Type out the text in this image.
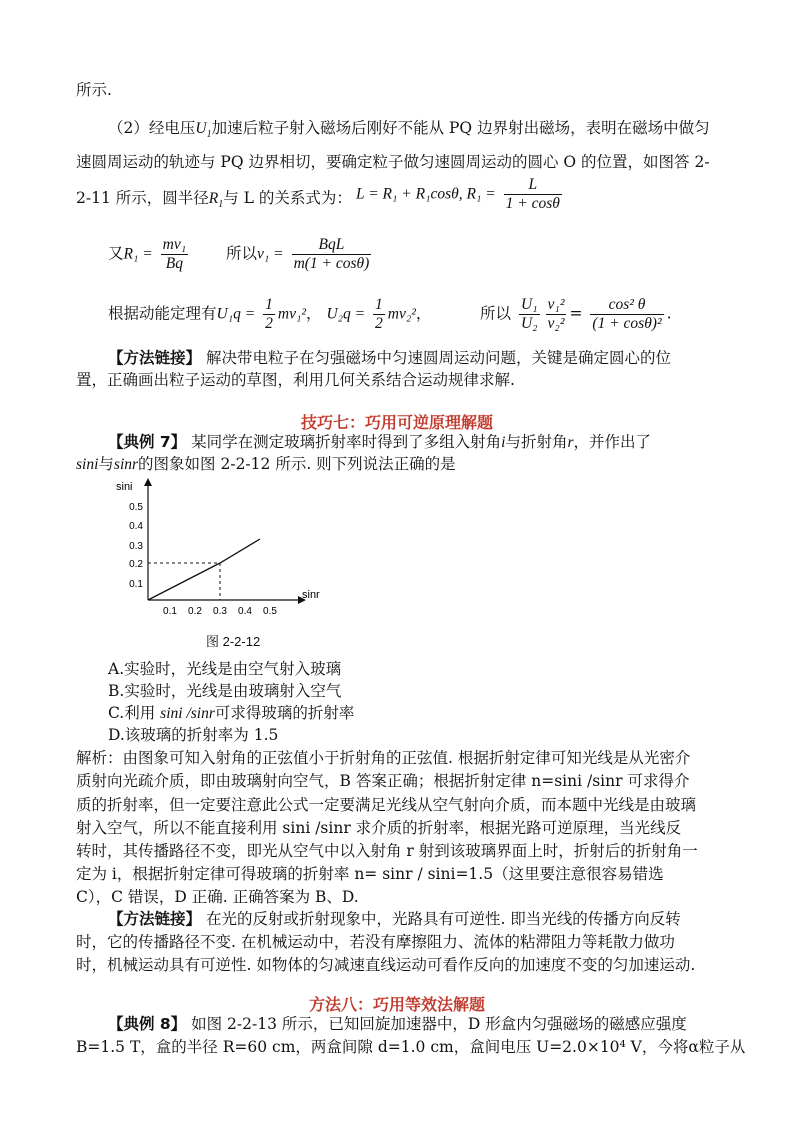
所示.
（2）经电压$U_1$加速后粒子射入磁场后刚好不能从 PQ 边界射出磁场，表明在磁场中做匀
速圆周运动的轨迹与 PQ 边界相切，要确定粒子做匀速圆周运动的圆心 O 的位置，如图答 2-
2-11 所示，圆半径$R_1$与 L 的关系式为： L = R₁ + R₁cosθ, $R_1 = \frac{L}{1 + \cos\theta}$
又$R_1 = \frac{\text{mv₁}}{Bq}$ 所以$v_1 = \frac{\text{BqL}}{m(1 + \cos\theta)}$
根据动能定理有$U_1q = \frac{1}{2} mv_1^2$， $U_2q = \frac{1}{2} mv_2^2$，	所以 $\frac{\text{U₁}}{\text{U₂}} \frac{\text{v₁²}}{\text{v₂²}} = \frac{\text{cos² θ}}{\text{(1 + cosθ)²}}$ .
【方法链接】 解决带电粒子在匀强磁场中匀速圆周运动问题，关键是确定圆心的位
置，正确画出粒子运动的草图，利用几何关系结合运动规律求解.
技巧七：巧用可逆原理解题
【典例 7】 某同学在测定玻璃折射率时得到了多组入射角i与折射角r，并作出了
sini与sinr的图象如图 2-2-12 所示. 则下列说法正确的是
0.1 0.2 0.3 0.4 0.5
0.1
0.2
0.3
0.4
0.5
sini
sinr
图 2-2-12
A.实验时，光线是由空气射入玻璃
B.实验时，光线是由玻璃射入空气
C.利用 sini /sinr可求得玻璃的折射率
D.该玻璃的折射率为 1.5
解析：由图象可知入射角的正弦值小于折射角的正弦值. 根据折射定律可知光线是从光密介
质射向光疏介质，即由玻璃射向空气，B 答案正确；根据折射定律 n=sini /sinr 可求得介
质的折射率，但一定要注意此公式一定要满足光线从空气射向介质，而本题中光线是由玻璃
射入空气，所以不能直接利用 sini /sinr 求介质的折射率，根据光路可逆原理，当光线反
转时，其传播路径不变，即光从空气中以入射角 r 射到该玻璃界面上时，折射后的折射角一
定为 i，根据折射定律可得玻璃的折射率 n= sinr / sini=1.5（这里要注意很容易错选
C），C 错误，D 正确. 正确答案为 B、D.
【方法链接】 在光的反射或折射现象中，光路具有可逆性. 即当光线的传播方向反转
时，它的传播路径不变. 在机械运动中，若没有摩擦阻力、流体的粘滞阻力等耗散力做功
时，机械运动具有可逆性. 如物体的匀减速直线运动可看作反向的加速度不变的匀加速运动.
方法八：巧用等效法解题
【典例 8】 如图 2-2-13 所示，已知回旋加速器中，D 形盒内匀强磁场的磁感应强度
B=1.5 T，盒的半径 R=60 cm，两盒间隙 d=1.0 cm，盒间电压 U=2.0×10⁴ V，今将α粒子从
